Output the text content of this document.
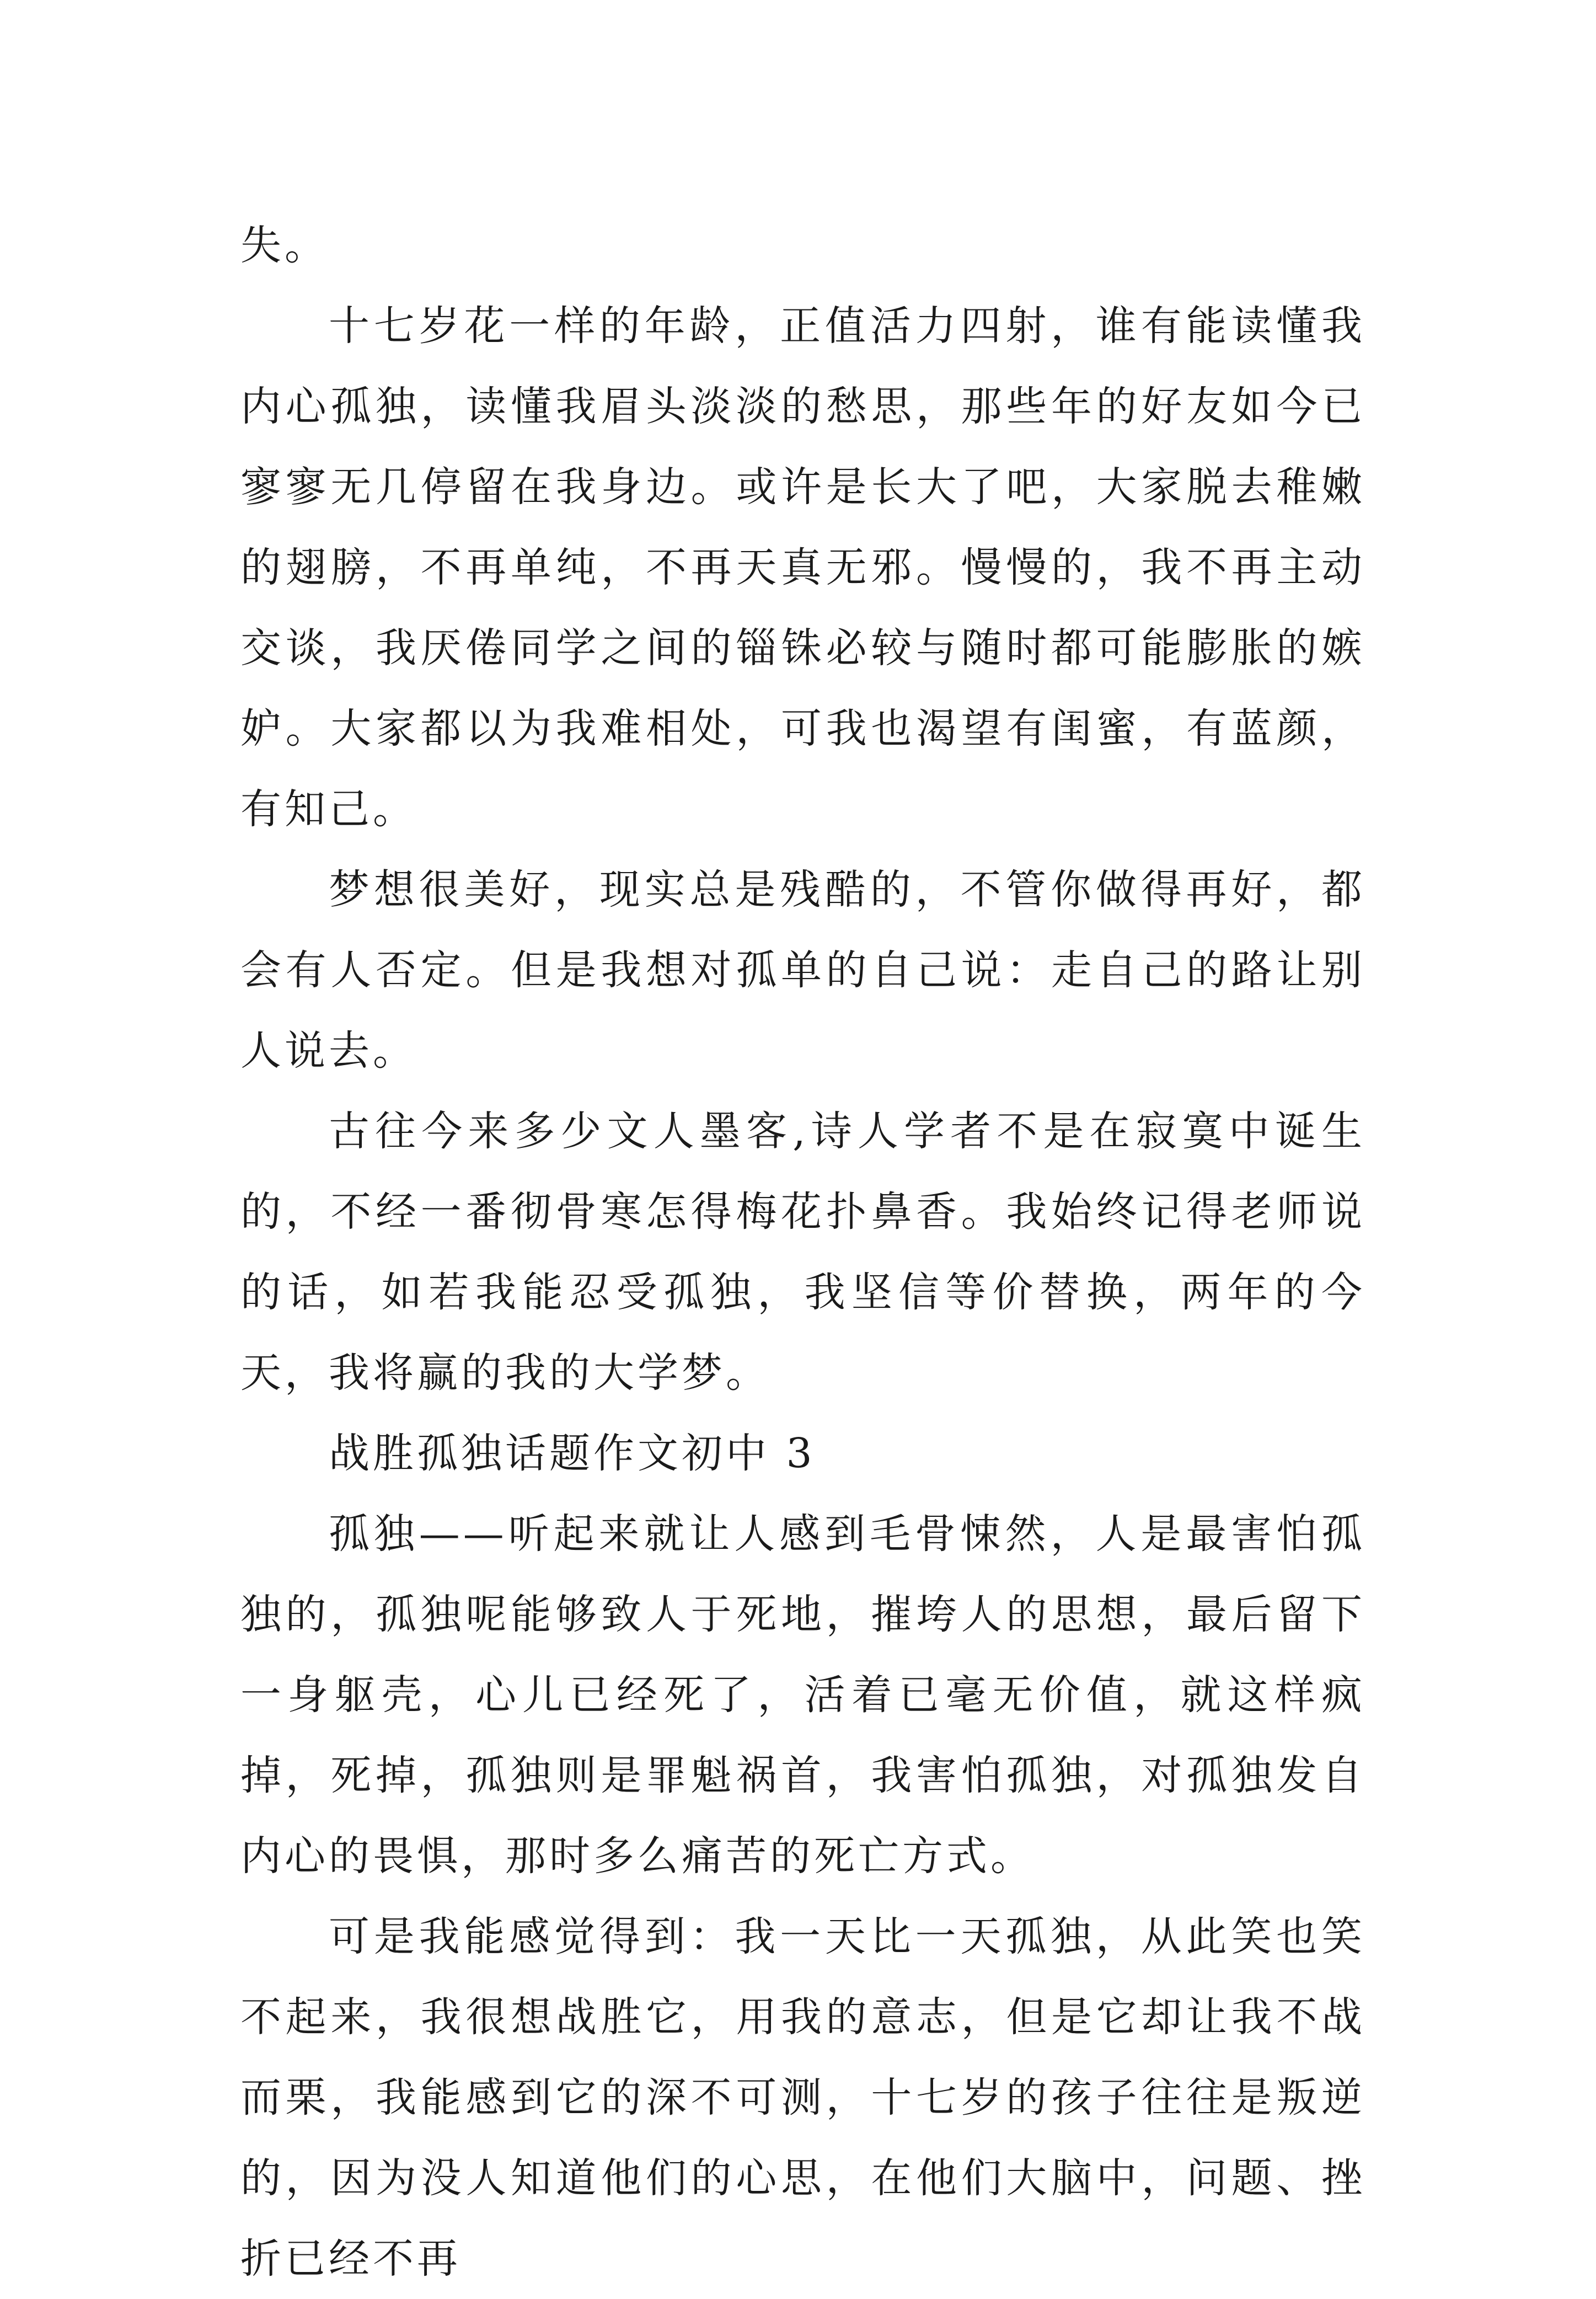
失。

十七岁花一样的年龄，正值活力四射，谁有能读懂我内心孤独，读懂我眉头淡淡的愁思，那些年的好友如今已寥寥无几停留在我身边。或许是长大了吧，大家脱去稚嫩的翅膀，不再单纯，不再天真无邪。慢慢的，我不再主动交谈，我厌倦同学之间的锱铢必较与随时都可能膨胀的嫉妒。大家都以为我难相处，可我也渴望有闺蜜，有蓝颜，有知己。

梦想很美好，现实总是残酷的，不管你做得再好，都会有人否定。但是我想对孤单的自己说：走自己的路让别人说去。

古往今来多少文人墨客,诗人学者不是在寂寞中诞生的，不经一番彻骨寒怎得梅花扑鼻香。我始终记得老师说的话，如若我能忍受孤独，我坚信等价替换，两年的今天，我将赢的我的大学梦。

战胜孤独话题作文初中 3

孤独——听起来就让人感到毛骨悚然，人是最害怕孤独的，孤独呢能够致人于死地，摧垮人的思想，最后留下一身躯壳，心儿已经死了，活着已毫无价值，就这样疯掉，死掉，孤独则是罪魁祸首，我害怕孤独，对孤独发自内心的畏惧，那时多么痛苦的死亡方式。

可是我能感觉得到：我一天比一天孤独，从此笑也笑不起来，我很想战胜它，用我的意志，但是它却让我不战而栗，我能感到它的深不可测，十七岁的孩子往往是叛逆的，因为没人知道他们的心思，在他们大脑中，问题、挫折已经不再
